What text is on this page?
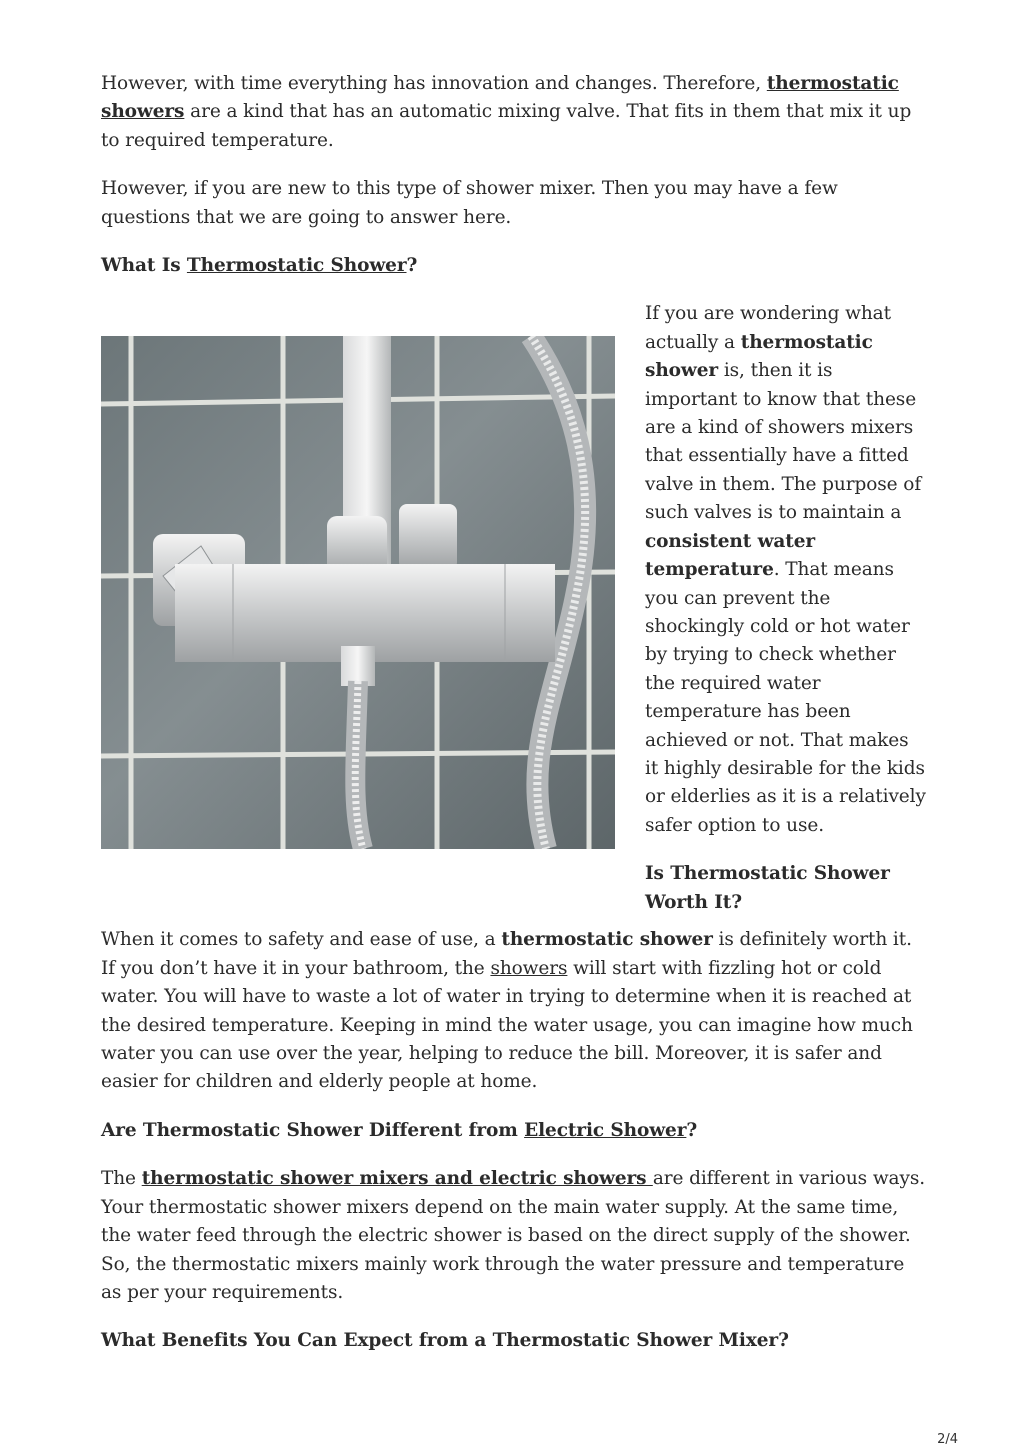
However, with time everything has innovation and changes. Therefore, thermostatic showers are a kind that has an automatic mixing valve. That fits in them that mix it up to required temperature.

However, if you are new to this type of shower mixer. Then you may have a few questions that we are going to answer here.

What Is Thermostatic Shower?

If you are wondering what actually a thermostatic shower is, then it is important to know that these are a kind of showers mixers that essentially have a fitted valve in them. The purpose of such valves is to maintain a consistent water temperature. That means you can prevent the shockingly cold or hot water by trying to check whether the required water temperature has been achieved or not. That makes it highly desirable for the kids or elderlies as it is a relatively safer option to use.

Is Thermostatic Shower Worth It?

When it comes to safety and ease of use, a thermostatic shower is definitely worth it. If you don’t have it in your bathroom, the showers will start with fizzling hot or cold water. You will have to waste a lot of water in trying to determine when it is reached at the desired temperature. Keeping in mind the water usage, you can imagine how much water you can use over the year, helping to reduce the bill. Moreover, it is safer and easier for children and elderly people at home.

Are Thermostatic Shower Different from Electric Shower?

The thermostatic shower mixers and electric showers are different in various ways. Your thermostatic shower mixers depend on the main water supply. At the same time, the water feed through the electric shower is based on the direct supply of the shower. So, the thermostatic mixers mainly work through the water pressure and temperature as per your requirements.

What Benefits You Can Expect from a Thermostatic Shower Mixer?
2/4
